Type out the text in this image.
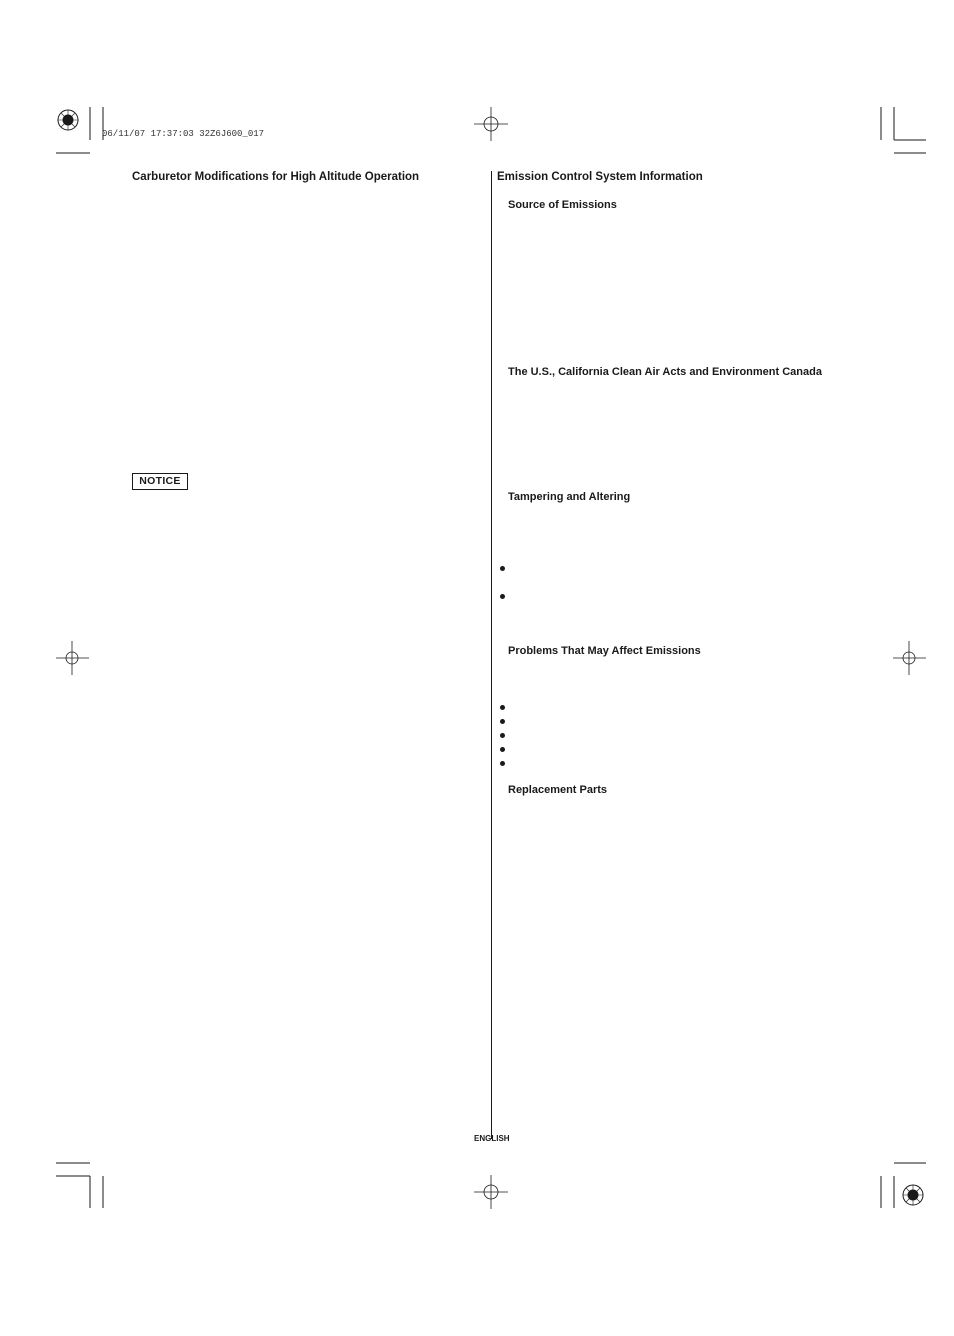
06/11/07 17:37:03 32Z6J600_017
Carburetor Modifications for High Altitude Operation
NOTICE
Emission Control System Information
Source of Emissions
The U.S., California Clean Air Acts and Environment Canada
Tampering and Altering
Problems That May Affect Emissions
Replacement Parts
ENGLISH
